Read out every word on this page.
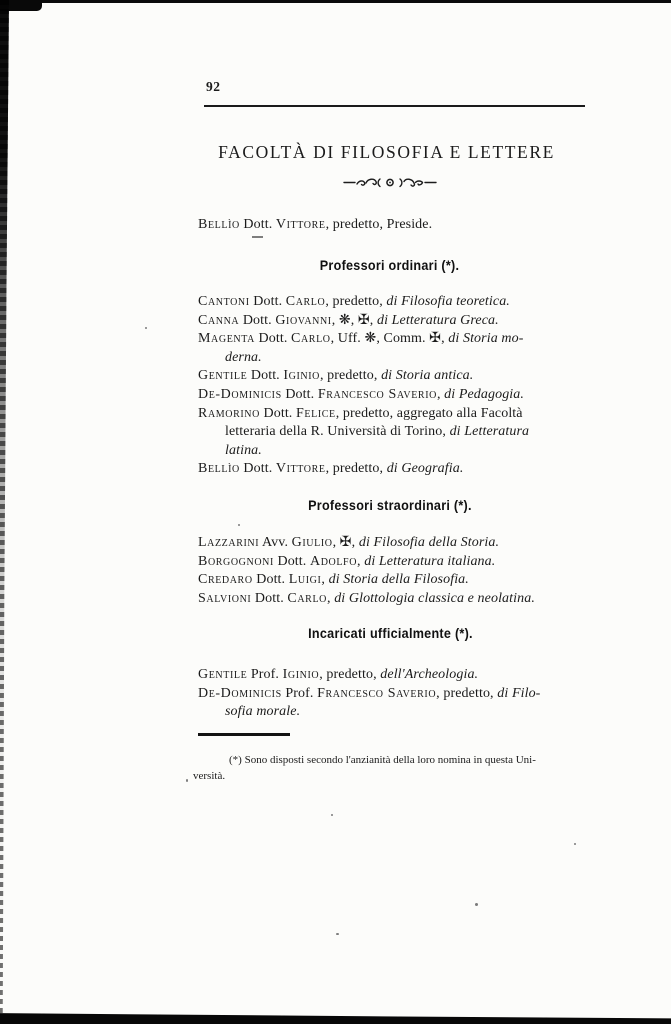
92
FACOLTÀ DI FILOSOFIA E LETTERE
Bellìo Dott. Vittore, predetto, Preside.
Professori ordinari (*).
Cantoni Dott. Carlo, predetto, di Filosofia teoretica.
Canna Dott. Giovanni, ❋, ✠, di Letteratura Greca.
Magenta Dott. Carlo, Uff. ❋, Comm. ✠, di Storia mo-
derna.
Gentile Dott. Iginio, predetto, di Storia antica.
De-Dominicis Dott. Francesco Saverio, di Pedagogia.
Ramorino Dott. Felice, predetto, aggregato alla Facoltà
letteraria della R. Università di Torino, di Letteratura
latina.
Bellìo Dott. Vittore, predetto, di Geografia.
Professori straordinari (*).
Lazzarini Avv. Giulio, ✠, di Filosofia della Storia.
Borgognoni Dott. Adolfo, di Letteratura italiana.
Credaro Dott. Luigi, di Storia della Filosofia.
Salvioni Dott. Carlo, di Glottologia classica e neolatina.
Incaricati ufficialmente (*).
Gentile Prof. Iginio, predetto, dell'Archeologia.
De-Dominicis Prof. Francesco Saverio, predetto, di Filo-
sofia morale.
(*) Sono disposti secondo l'anzianità della loro nomina in questa Uni-
versità.
